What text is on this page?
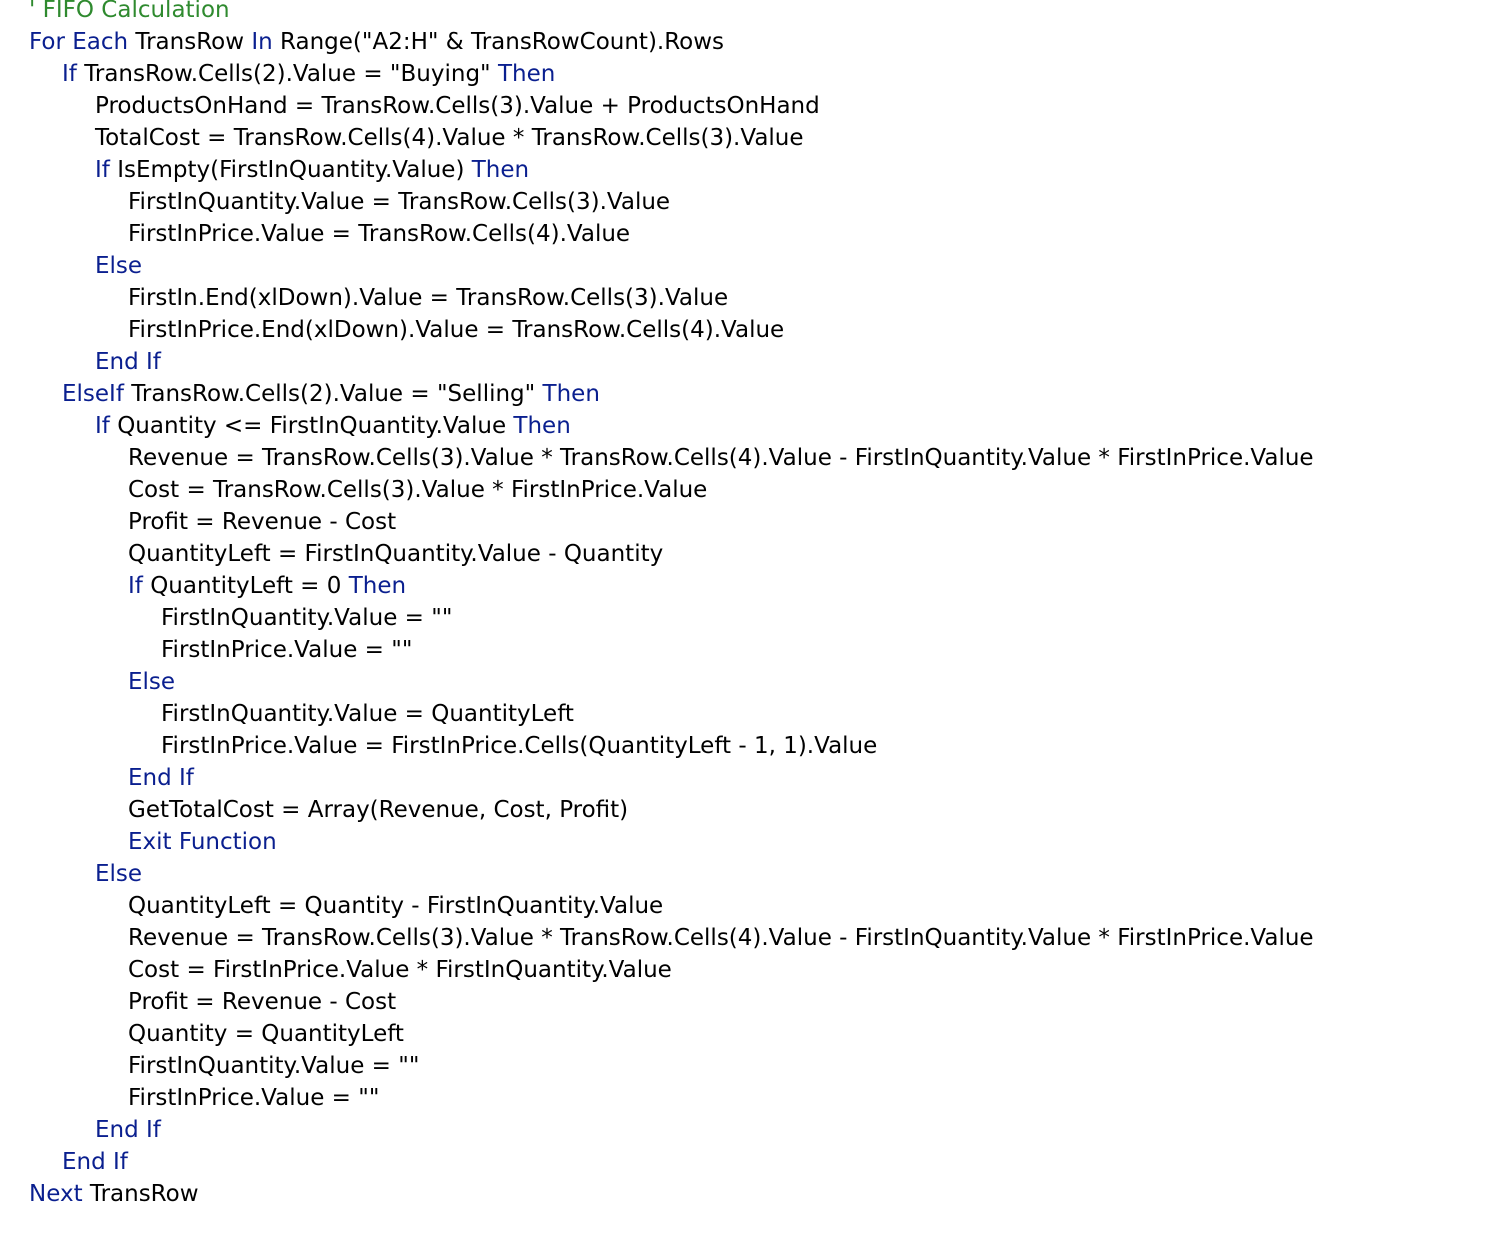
' FIFO Calculation
For Each TransRow In Range("A2:H" & TransRowCount).Rows
If TransRow.Cells(2).Value = "Buying" Then
ProductsOnHand = TransRow.Cells(3).Value + ProductsOnHand
TotalCost = TransRow.Cells(4).Value * TransRow.Cells(3).Value
If IsEmpty(FirstInQuantity.Value) Then
FirstInQuantity.Value = TransRow.Cells(3).Value
FirstInPrice.Value = TransRow.Cells(4).Value
Else
FirstIn.End(xlDown).Value = TransRow.Cells(3).Value
FirstInPrice.End(xlDown).Value = TransRow.Cells(4).Value
End If
ElseIf TransRow.Cells(2).Value = "Selling" Then
If Quantity <= FirstInQuantity.Value Then
Revenue = TransRow.Cells(3).Value * TransRow.Cells(4).Value - FirstInQuantity.Value * FirstInPrice.Value
Cost = TransRow.Cells(3).Value * FirstInPrice.Value
Profit = Revenue - Cost
QuantityLeft = FirstInQuantity.Value - Quantity
If QuantityLeft = 0 Then
FirstInQuantity.Value = ""
FirstInPrice.Value = ""
Else
FirstInQuantity.Value = QuantityLeft
FirstInPrice.Value = FirstInPrice.Cells(QuantityLeft - 1, 1).Value
End If
GetTotalCost = Array(Revenue, Cost, Profit)
Exit Function
Else
QuantityLeft = Quantity - FirstInQuantity.Value
Revenue = TransRow.Cells(3).Value * TransRow.Cells(4).Value - FirstInQuantity.Value * FirstInPrice.Value
Cost = FirstInPrice.Value * FirstInQuantity.Value
Profit = Revenue - Cost
Quantity = QuantityLeft
FirstInQuantity.Value = ""
FirstInPrice.Value = ""
End If
End If
Next TransRow
